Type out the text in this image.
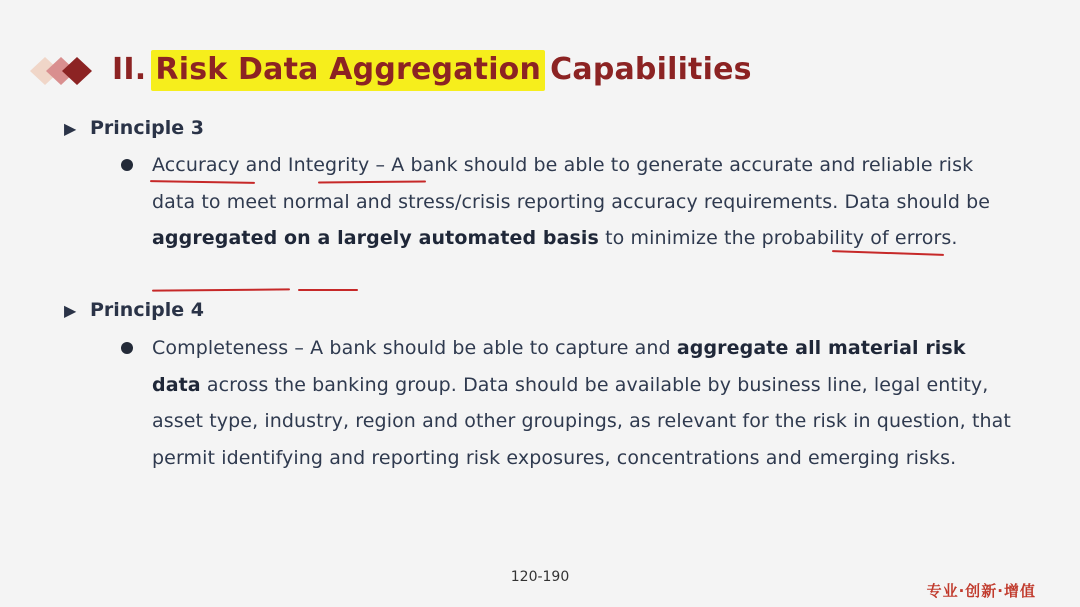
II. Risk Data Aggregation Capabilities
▶ Principle 3
Accuracy and Integrity – A bank should be able to generate accurate and reliable risk data to meet normal and stress/crisis reporting accuracy requirements. Data should be aggregated on a largely automated basis to minimize the probability of errors.
▶ Principle 4
Completeness – A bank should be able to capture and aggregate all material risk data across the banking group. Data should be available by business line, legal entity, asset type, industry, region and other groupings, as relevant for the risk in question, that permit identifying and reporting risk exposures, concentrations and emerging risks.
120-190
专业·创新·增值
